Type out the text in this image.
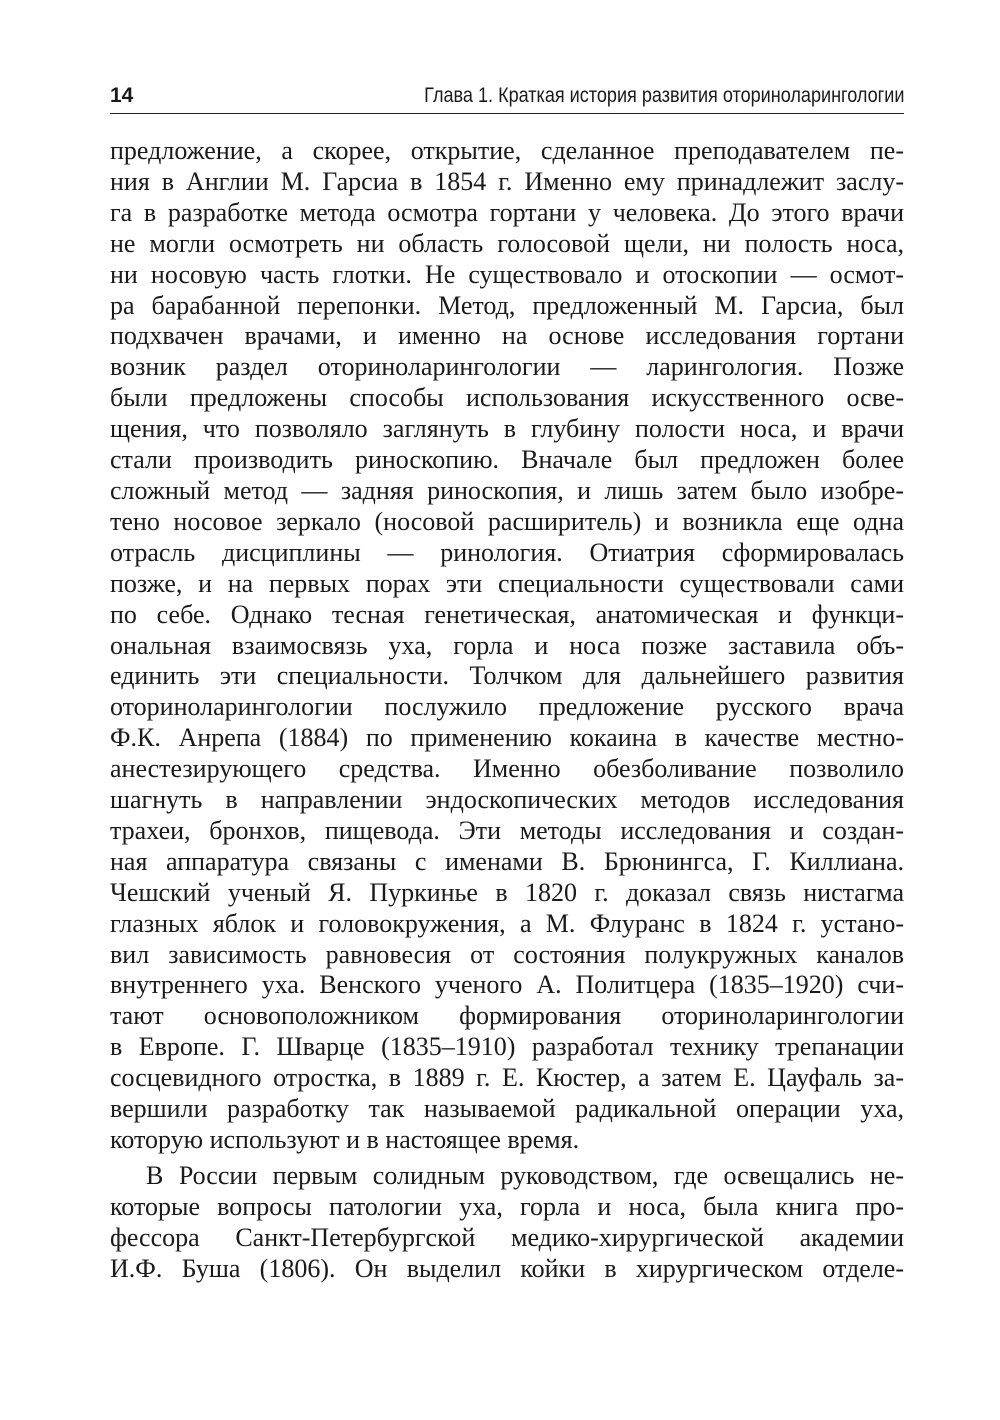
14	Глава 1. Краткая история развития оториноларингологии
предложение, а скорее, открытие, сделанное преподавателем пе-
ния в Англии М. Гарсиа в 1854 г. Именно ему принадлежит заслу-
га в разработке метода осмотра гортани у человека. До этого врачи
не могли осмотреть ни область голосовой щели, ни полость носа,
ни носовую часть глотки. Не существовало и отоскопии — осмот-
ра барабанной перепонки. Метод, предложенный М. Гарсиа, был
подхвачен врачами, и именно на основе исследования гортани
возник раздел оториноларингологии — ларингология. Позже
были предложены способы использования искусственного осве-
щения, что позволяло заглянуть в глубину полости носа, и врачи
стали производить риноскопию. Вначале был предложен более
сложный метод — задняя риноскопия, и лишь затем было изобре-
тено носовое зеркало (носовой расширитель) и возникла еще одна
отрасль дисциплины — ринология. Отиатрия сформировалась
позже, и на первых порах эти специальности существовали сами
по себе. Однако тесная генетическая, анатомическая и функци-
ональная взаимосвязь уха, горла и носа позже заставила объ-
единить эти специальности. Толчком для дальнейшего развития
оториноларингологии послужило предложение русского врача
Ф.К. Анрепа (1884) по применению кокаина в качестве местно-
анестезирующего средства. Именно обезболивание позволило
шагнуть в направлении эндоскопических методов исследования
трахеи, бронхов, пищевода. Эти методы исследования и создан-
ная аппаратура связаны с именами В. Брюнингса, Г. Киллиана.
Чешский ученый Я. Пуркинье в 1820 г. доказал связь нистагма
глазных яблок и головокружения, а М. Флуранс в 1824 г. устано-
вил зависимость равновесия от состояния полукружных каналов
внутреннего уха. Венского ученого А. Политцера (1835–1920) счи-
тают основоположником формирования оториноларингологии
в Европе. Г. Шварце (1835–1910) разработал технику трепанации
сосцевидного отростка, в 1889 г. Е. Кюстер, а затем Е. Цауфаль за-
вершили разработку так называемой радикальной операции уха,
которую используют и в настоящее время.
В России первым солидным руководством, где освещались не-
которые вопросы патологии уха, горла и носа, была книга про-
фессора Санкт-Петербургской медико-хирургической академии
И.Ф. Буша (1806). Он выделил койки в хирургическом отделе-
